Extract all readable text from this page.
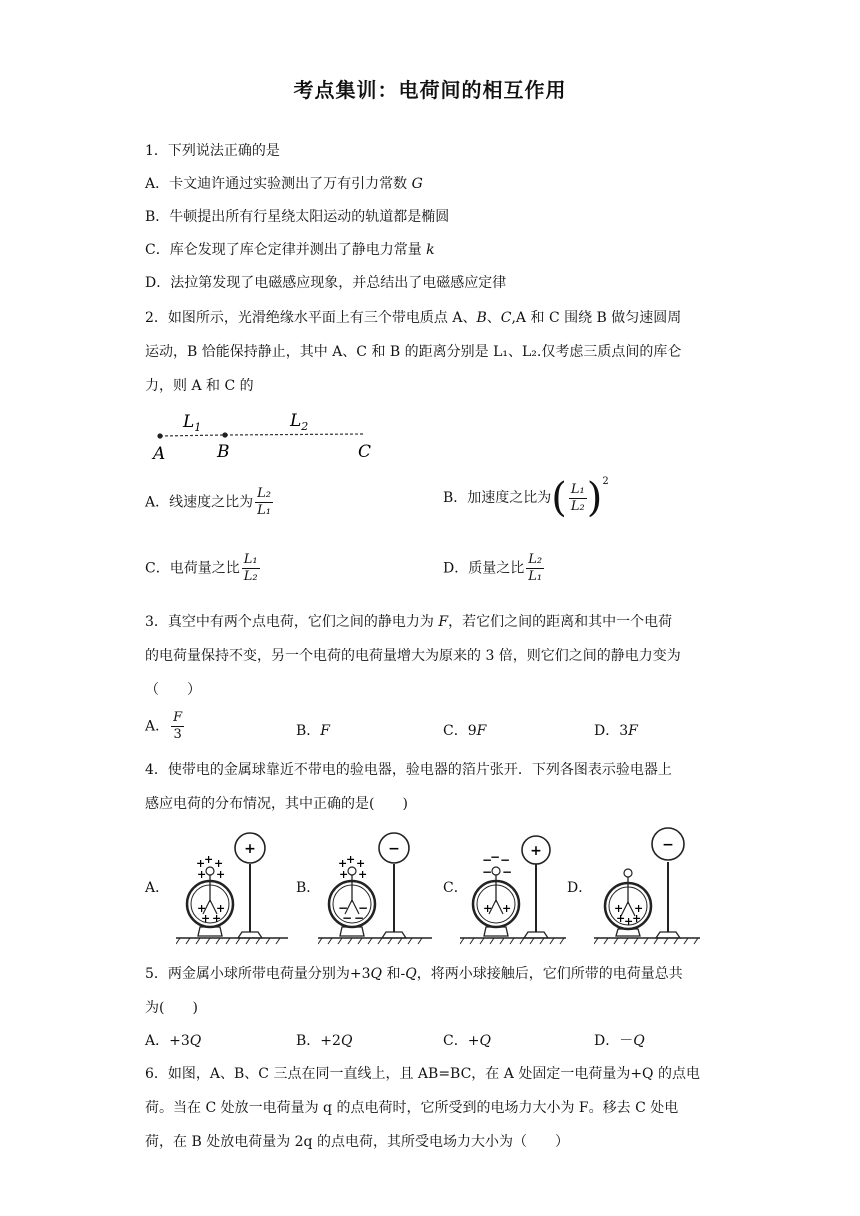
考点集训：电荷间的相互作用
1．下列说法正确的是
A．卡文迪许通过实验测出了万有引力常数 G
B．牛顿提出所有行星绕太阳运动的轨道都是椭圆
C．库仑发现了库仑定律并测出了静电力常量 k
D．法拉第发现了电磁感应现象，并总结出了电磁感应定律
2．如图所示，光滑绝缘水平面上有三个带电质点 A、B、C,A 和 C 围绕 B 做匀速圆周
运动，B 恰能保持静止，其中 A、C 和 B 的距离分别是 L₁、L₂.仅考虑三质点间的库仑
力，则 A 和 C 的
$L_1$	$L_2$
A	B	C
A．线速度之比为 $\frac{\text{L₂}}{\text{L₁}}$	B．加速度之比为( $\frac{\text{L₁}}{\text{L₂}} )2$
C．电荷量之比 $\frac{\text{L₁}}{\text{L₂}}$	D．质量之比 $\frac{\text{L₂}}{\text{L₁}}$
3．真空中有两个点电荷，它们之间的静电力为 F，若它们之间的距离和其中一个电荷
的电荷量保持不变，另一个电荷的电荷量增大为原来的 3 倍，则它们之间的静电力变为
（　　）
A． $\frac{F}{3}$	B．F	C．9F	D．3F
4．使带电的金属球靠近不带电的验电器，验电器的箔片张开．下列各图表示验电器上
感应电荷的分布情况，其中正确的是(　　)
A．	B．	C．	D．
+
+ +
+ +
+ +
+ +
+
+
+ +
+ +
− −
− −
−
−
− −
− −
+ +
+
+ +
+
+
+
−
5．两金属小球所带电荷量分别为+3Q 和-Q，将两小球接触后，它们所带的电荷量总共
为(　　)
A．+3Q	B．+2Q	C．+Q	D．－Q
6．如图，A、B、C 三点在同一直线上，且 AB=BC，在 A 处固定一电荷量为+Q 的点电
荷。当在 C 处放一电荷量为 q 的点电荷时，它所受到的电场力大小为 F。移去 C 处电
荷，在 B 处放电荷量为 2q 的点电荷，其所受电场力大小为（　　）
